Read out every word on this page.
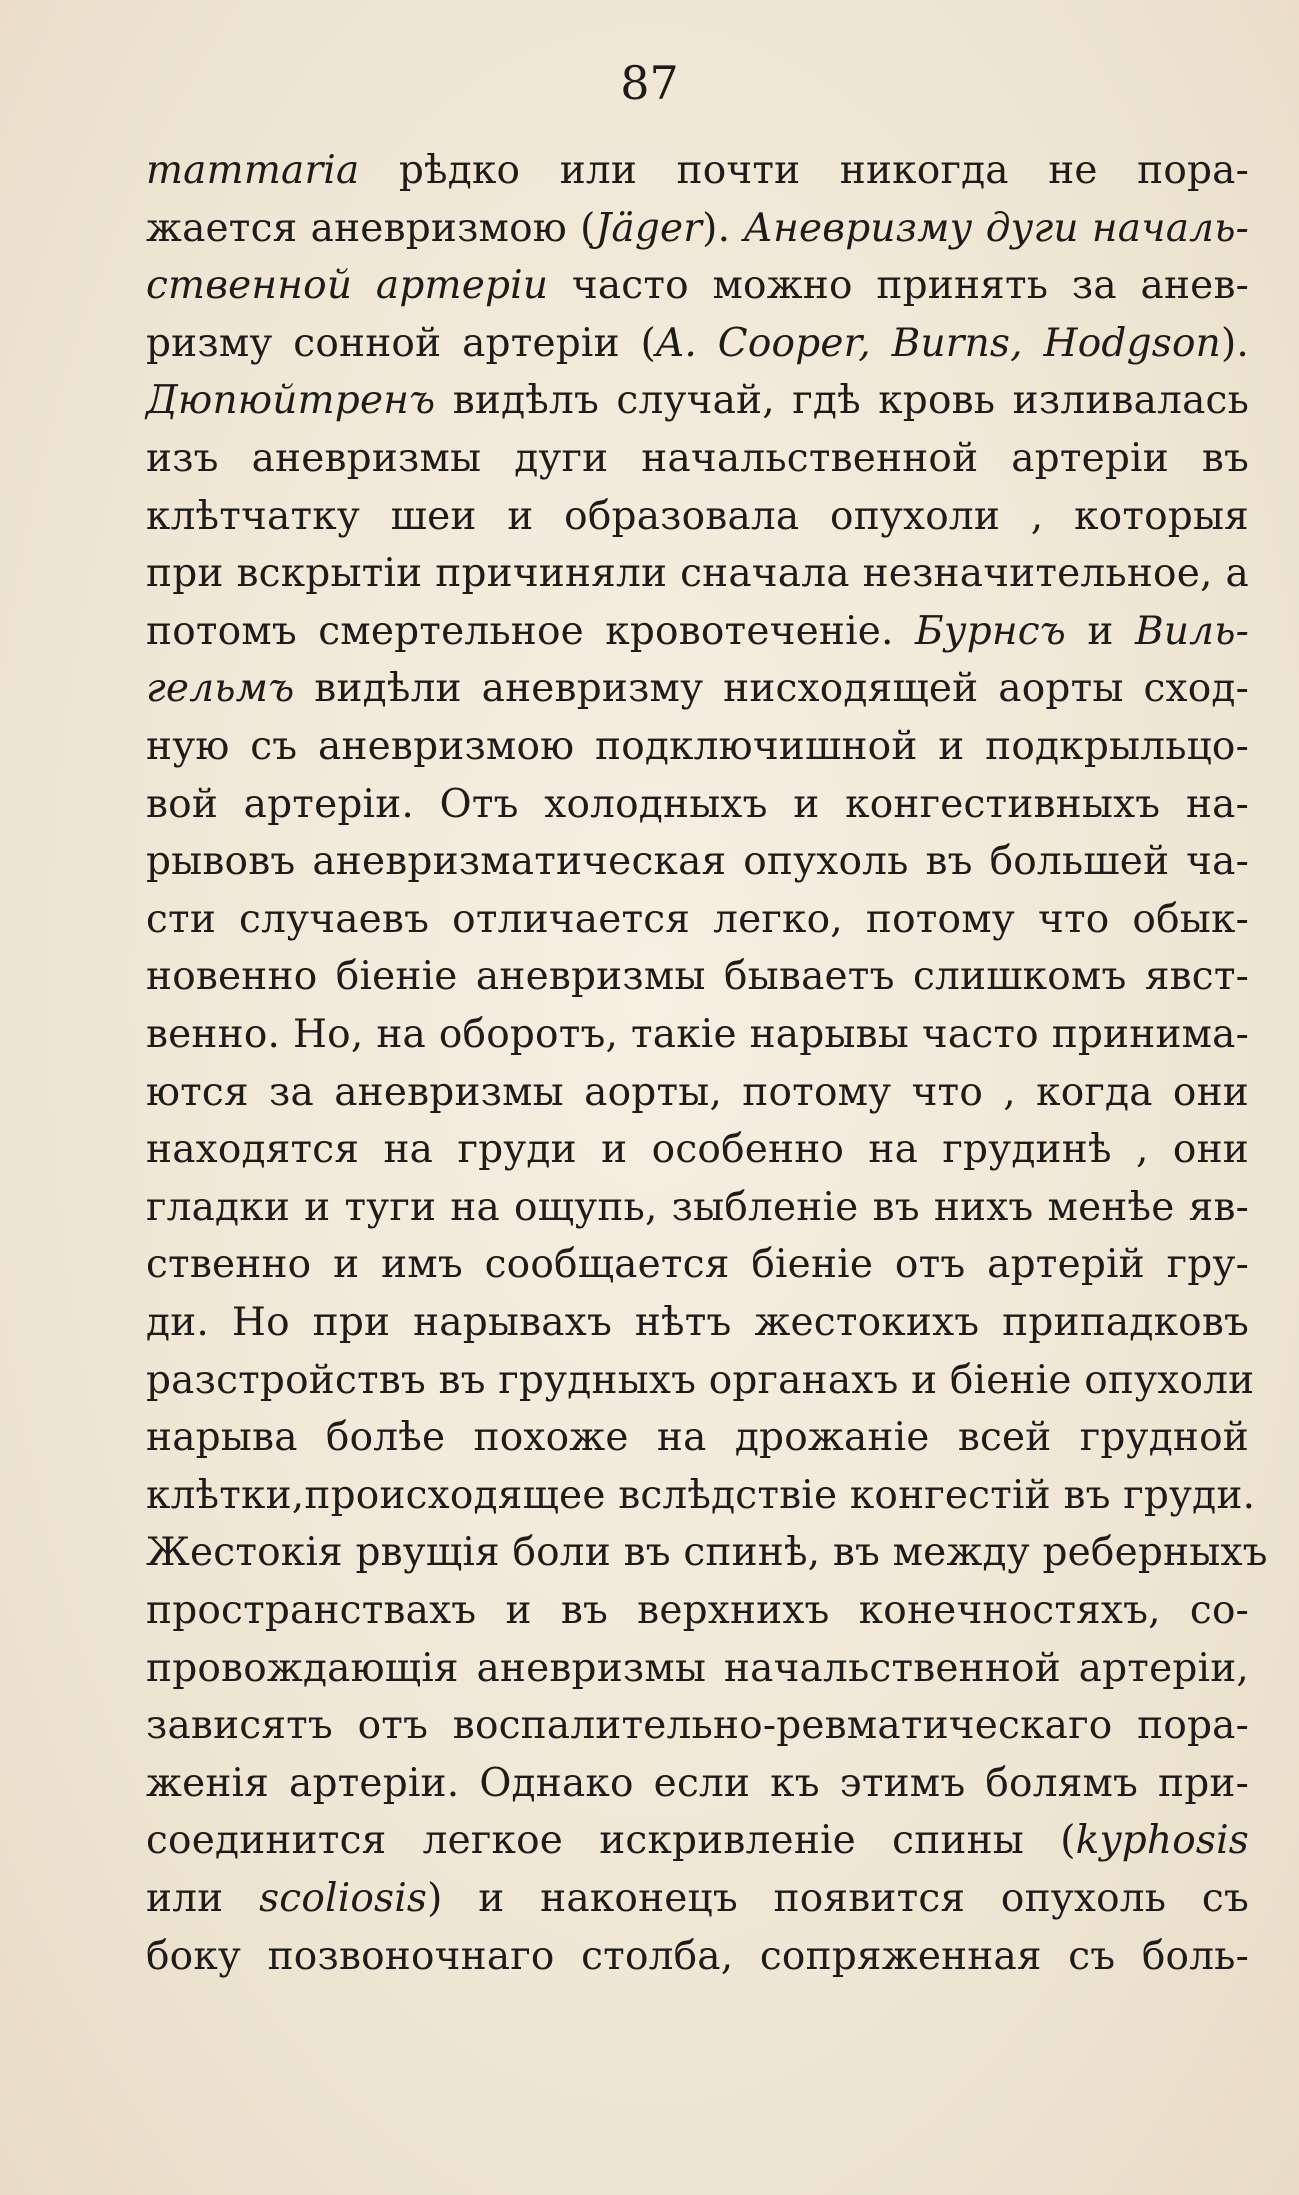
87
mammaria рѣдко или почти никогда не пора-
жается аневризмою (Jäger). Аневризму дуги началь-
ственной артеріи часто можно принять за анев-
ризму сонной артеріи (A. Cooper, Burns, Hodgson).
Дюпюйтренъ видѣлъ случай, гдѣ кровь изливалась
изъ аневризмы дуги начальственной артеріи въ
клѣтчатку шеи и образовала опухоли , которыя
при вскрытіи причиняли сначала незначительное, а
потомъ смертельное кровотеченіе. Бурнсъ и Виль-
гельмъ видѣли аневризму нисходящей аорты сход-
ную съ аневризмою подключишной и подкрыльцо-
вой артеріи. Отъ холодныхъ и конгестивныхъ на-
рывовъ аневризматическая опухоль въ большей ча-
сти случаевъ отличается легко, потому что обык-
новенно біеніе аневризмы бываетъ слишкомъ явст-
венно. Но, на оборотъ, такіе нарывы часто принима-
ются за аневризмы аорты, потому что , когда они
находятся на груди и особенно на грудинѣ , они
гладки и туги на ощупь, зыбленіе въ нихъ менѣе яв-
ственно и имъ сообщается біеніе отъ артерій гру-
ди. Но при нарывахъ нѣтъ жестокихъ припадковъ
разстройствъ въ грудныхъ органахъ и біеніе опухоли
нарыва болѣе похоже на дрожаніе всей грудной
клѣтки,происходящее вслѣдствіе конгестій въ груди.
Жестокія рвущія боли въ спинѣ, въ между реберныхъ
пространствахъ и въ верхнихъ конечностяхъ, со-
провождающія аневризмы начальственной артеріи,
зависятъ отъ воспалительно-ревматическаго пора-
женія артеріи. Однако если къ этимъ болямъ при-
соединится легкое искривленіе спины (kyphosis
или scoliosis) и наконецъ появится опухоль съ
боку позвоночнаго столба, сопряженная съ боль-
